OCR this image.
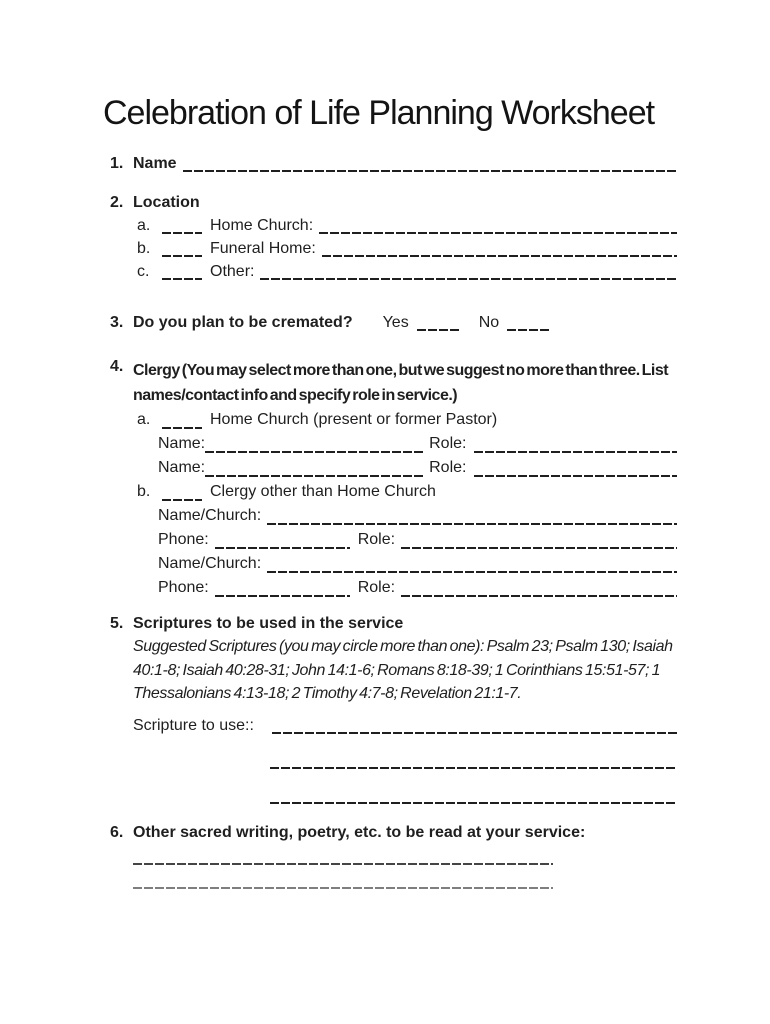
Celebration of Life Planning Worksheet
1. Name
2. Location
a.	Home Church:
b.	Funeral Home:
c.	Other:
3. Do you plan to be cremated? Yes	No
4. Clergy (You may select more than one, but we suggest no more than three. List names/contact info and specify role in service.)
a.	Home Church (present or former Pastor)
Name:	Role:
Name:	Role:
b.	Clergy other than Home Church
Name/Church:
Phone:	Role:
Name/Church:
Phone:	Role:
5. Scriptures to be used in the service
Suggested Scriptures (you may circle more than one): Psalm 23; Psalm 130; Isaiah 40:1-8; Isaiah 40:28-31; John 14:1-6; Romans 8:18-39; 1 Corinthians 15:51-57; 1 Thessalonians 4:13-18; 2 Timothy 4:7-8; Revelation 21:1-7.
Scripture to use::
6. Other sacred writing, poetry, etc. to be read at your service:
